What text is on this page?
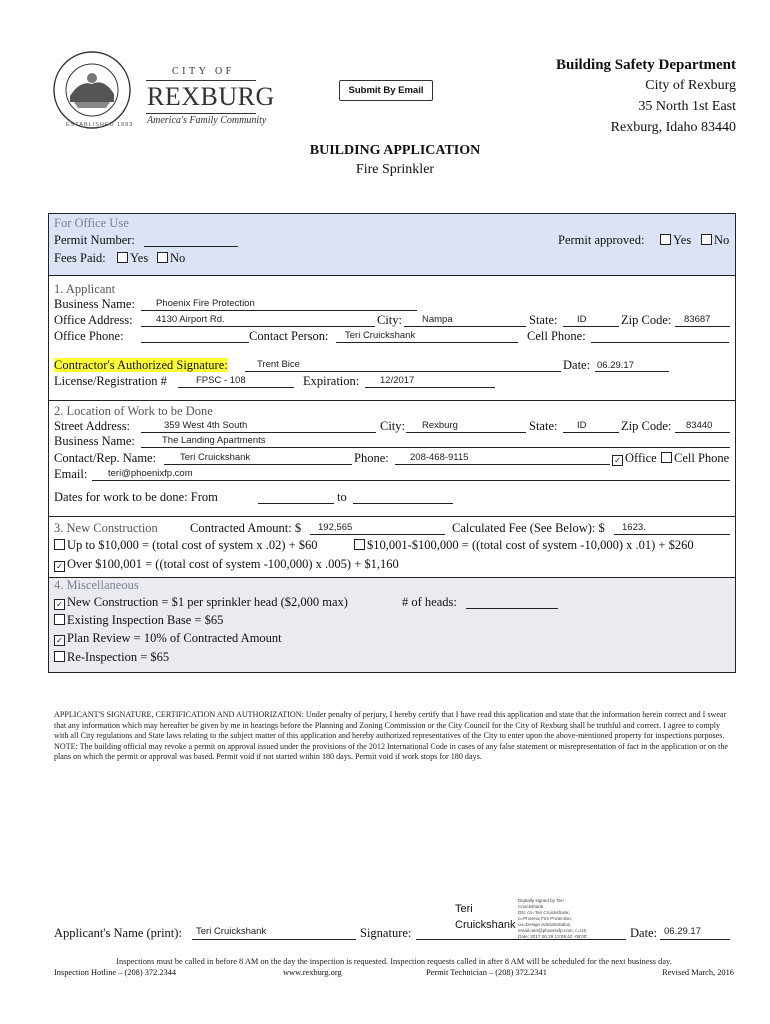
ESTABLISHED 1883
CITY OF
REXBURG
America's Family Community
Submit By Email
Building Safety Department
City of Rexburg
35 North 1st East
Rexburg, Idaho 83440
BUILDING APPLICATION
Fire Sprinkler
For Office Use
Permit Number:	Permit approved:	Yes	No
Fees Paid:	Yes	No
1. Applicant
Business Name: Phoenix Fire Protection
Office Address: 4130 Airport Rd.	City: Nampa	State: ID	Zip Code: 83687
Office Phone:	Contact Person: Teri Cruickshank	Cell Phone:
Contractor's Authorized Signature:	Trent Bice	Date: 06.29.17
License/Registration #	FPSC - 108	Expiration: 12/2017
2. Location of Work to be Done
Street Address:	359 West 4th South	City: Rexburg	State: ID	Zip Code: 83440
Business Name:	The Landing Apartments
Contact/Rep. Name:	Teri Cruickshank	Phone: 208-468-9115	✓ Office	Cell Phone
Email: teri@phoenixfp.com
Dates for work to be done: From	to
3. New Construction	Contracted Amount: $ 192,565	Calculated Fee (See Below): $ 1623.
Up to $10,000 = (total cost of system x .02) + $60	$10,001-$100,000 = ((total cost of system -10,000) x .01) + $260
✓ Over $100,001 = ((total cost of system -100,000) x .005) + $1,160
4. Miscellaneous
✓ New Construction = $1 per sprinkler head ($2,000 max)	# of heads:
Existing Inspection Base = $65
✓ Plan Review = 10% of Contracted Amount
Re-Inspection = $65
APPLICANT'S SIGNATURE, CERTIFICATION AND AUTHORIZATION: Under penalty of perjury, I hereby certify that I have read this application and state that the information herein correct and I swear that any information which may hereafter be given by me in hearings before the Planning and Zoning Commission or the City Council for the City of Rexburg shall be truthful and correct. I agree to comply with all City regulations and State laws relating to the subject matter of this application and hereby authorized representatives of the City to enter upon the above-mentioned property for inspections purposes. NOTE: The building official may revoke a permit on approval issued under the provisions of the 2012 International Code in cases of any false statement or misrepresentation of fact in the application or on the plans on which the permit or approval was based. Permit void if not started within 180 days. Permit void if work stops for 180 days.
Applicant's Name (print): Teri Cruickshank	Signature:
Teri
Cruickshank
Digitally signed by Teri
Cruickshank
DN: cn=Teri Cruickshank,
o=Phoenix Fire Protection,
ou=Design Administration,
email=teri@phoenixfp.com, c=US
Date: 2017.06.29 13:09:42 -06'00'	Date: 06.29.17
Inspections must be called in before 8 AM on the day the inspection is requested. Inspection requests called in after 8 AM will be scheduled for the next business day.
Inspection Hotline – (208) 372.2344	www.rexburg.org	Permit Technician – (208) 372.2341	Revised March, 2016
